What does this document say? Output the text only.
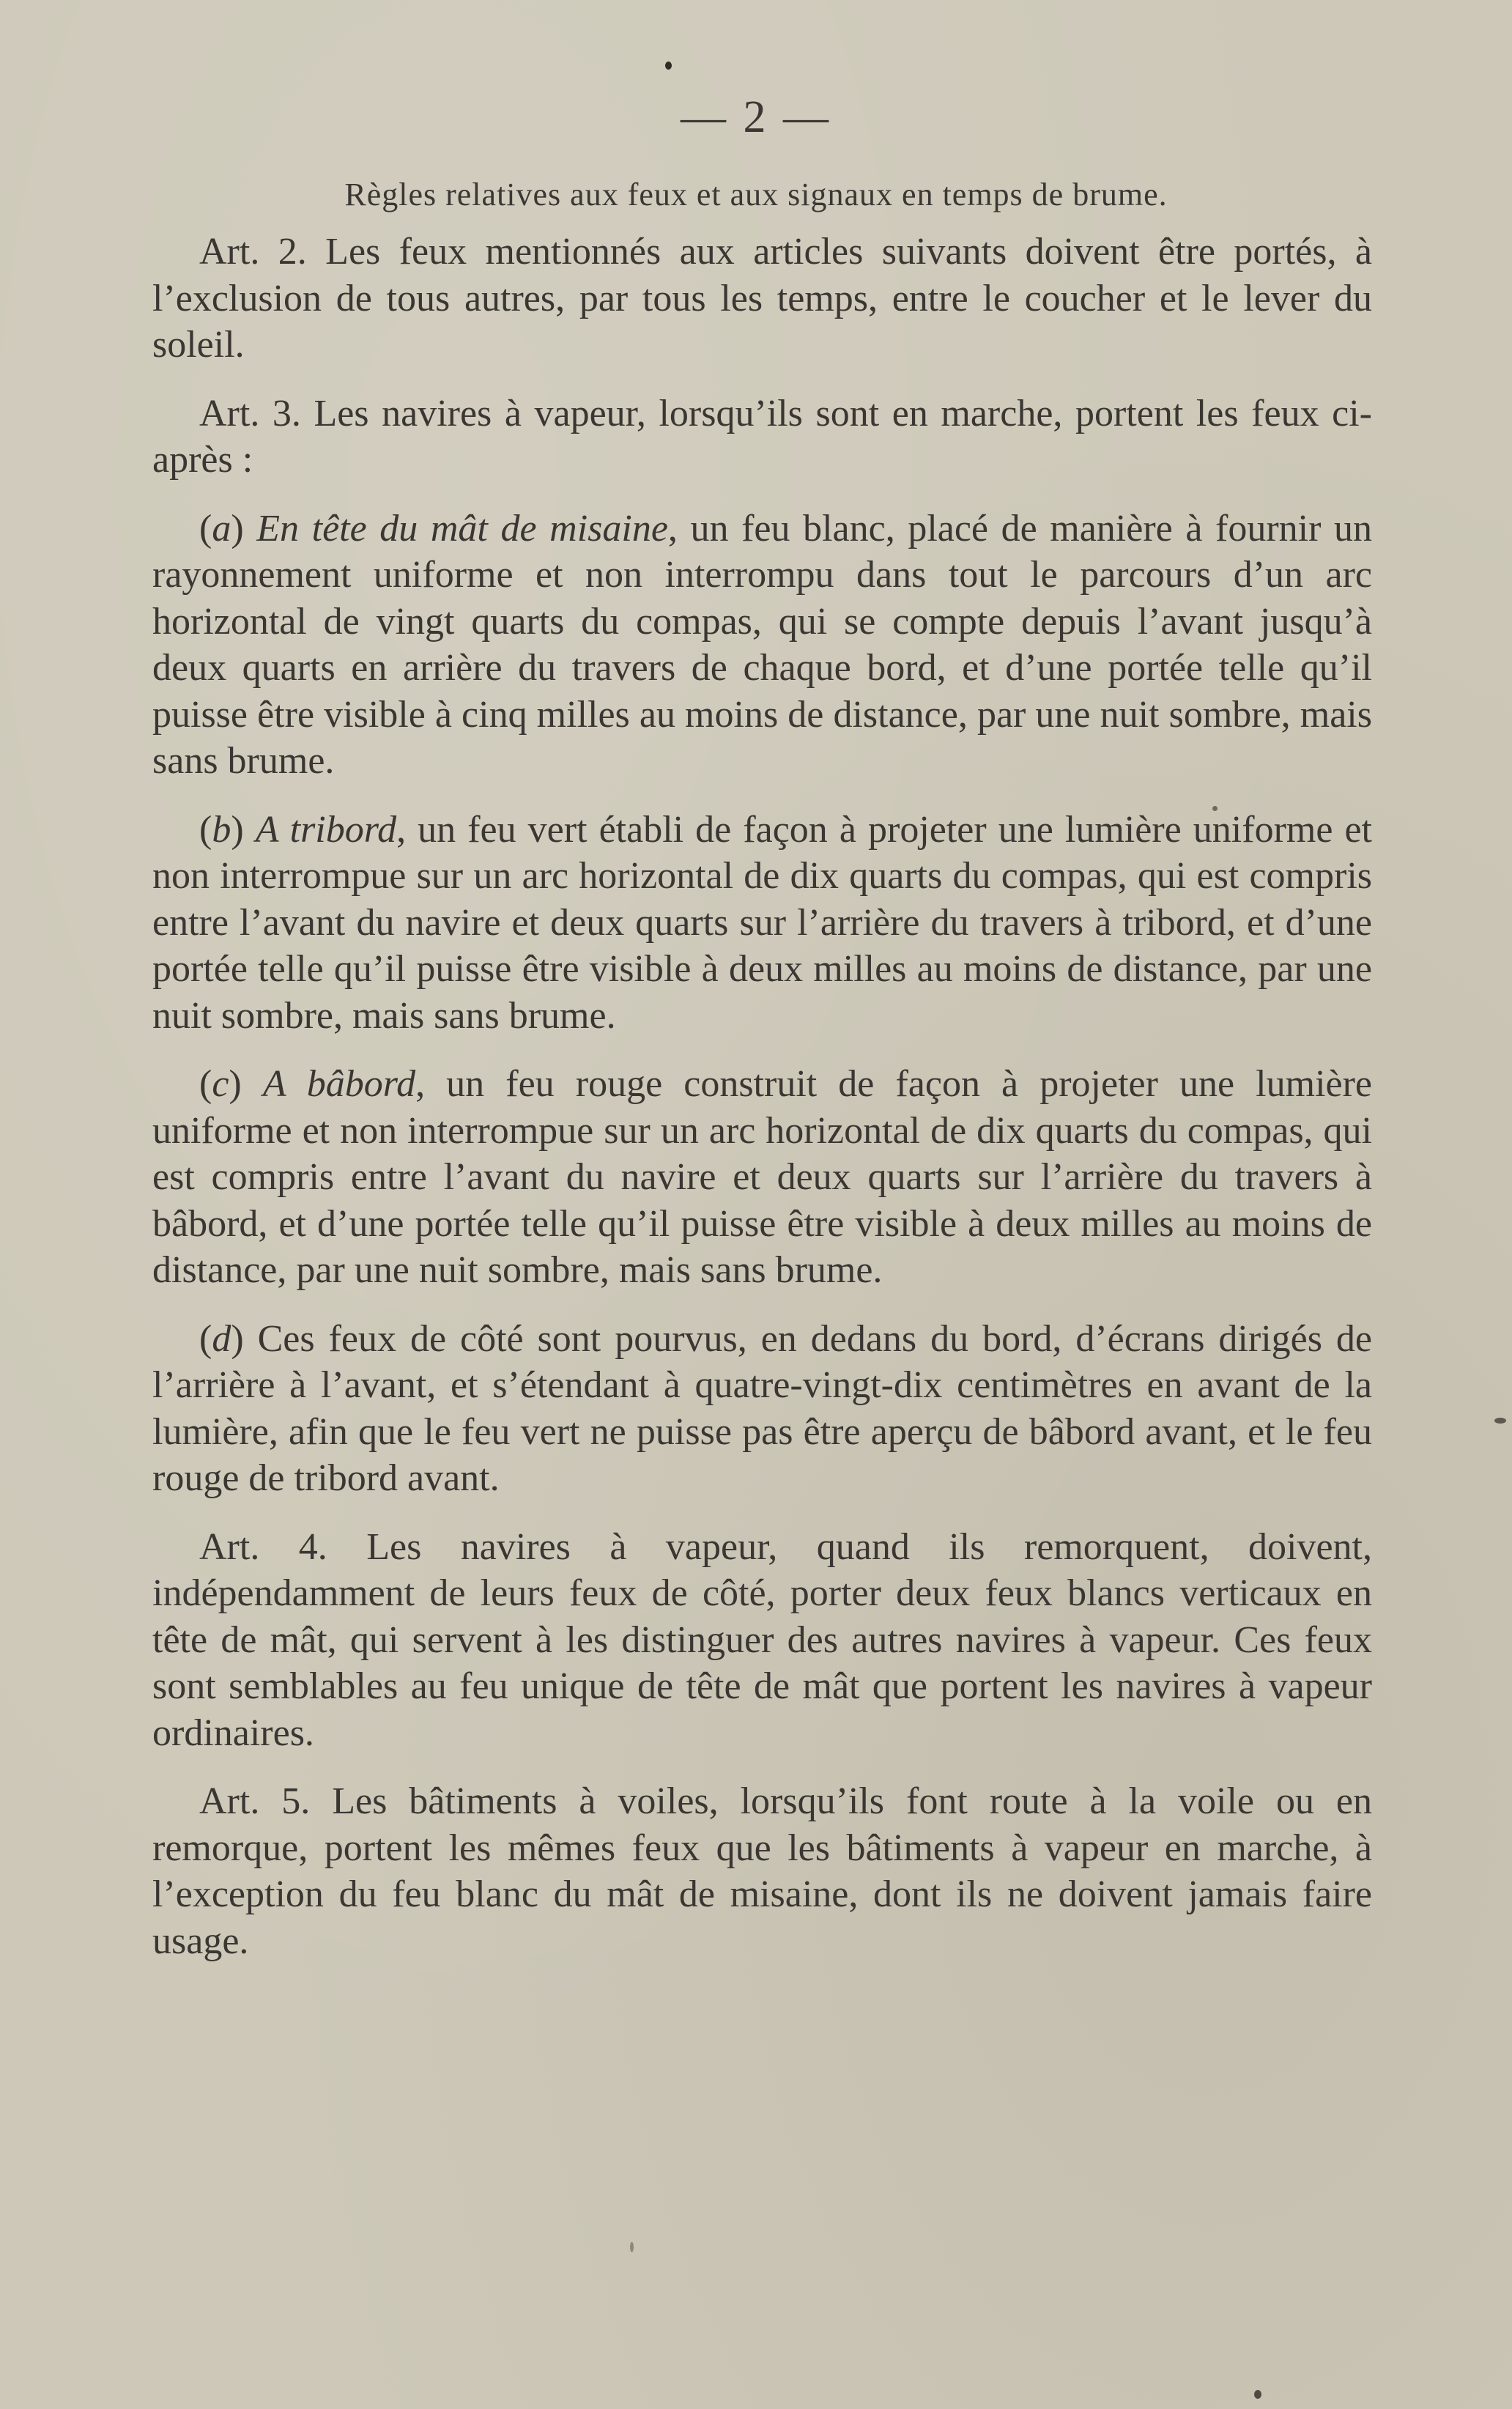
— 2 —
Règles relatives aux feux et aux signaux en temps de brume.

Art. 2. Les feux mentionnés aux articles suivants doivent être portés, à l’exclusion de tous autres, par tous les temps, entre le coucher et le lever du soleil.

Art. 3. Les navires à vapeur, lorsqu’ils sont en marche, portent les feux ci-après :

(a) En tête du mât de misaine, un feu blanc, placé de manière à fournir un rayonnement uniforme et non interrompu dans tout le parcours d’un arc horizontal de vingt quarts du compas, qui se compte depuis l’avant jusqu’à deux quarts en arrière du travers de chaque bord, et d’une portée telle qu’il puisse être visible à cinq milles au moins de distance, par une nuit sombre, mais sans brume.

(b) A tribord, un feu vert établi de façon à projeter une lumière uniforme et non interrompue sur un arc horizontal de dix quarts du compas, qui est compris entre l’avant du navire et deux quarts sur l’arrière du travers à tribord, et d’une portée telle qu’il puisse être visible à deux milles au moins de distance, par une nuit sombre, mais sans brume.

(c) A bâbord, un feu rouge construit de façon à projeter une lumière uniforme et non interrompue sur un arc horizontal de dix quarts du compas, qui est compris entre l’avant du navire et deux quarts sur l’arrière du travers à bâbord, et d’une portée telle qu’il puisse être visible à deux milles au moins de distance, par une nuit sombre, mais sans brume.

(d) Ces feux de côté sont pourvus, en dedans du bord, d’écrans dirigés de l’arrière à l’avant, et s’étendant à quatre-vingt-dix centimètres en avant de la lumière, afin que le feu vert ne puisse pas être aperçu de bâbord avant, et le feu rouge de tribord avant.

Art. 4. Les navires à vapeur, quand ils remorquent, doivent, indépendamment de leurs feux de côté, porter deux feux blancs verticaux en tête de mât, qui servent à les distinguer des autres navires à vapeur. Ces feux sont semblables au feu unique de tête de mât que portent les navires à vapeur ordinaires.

Art. 5. Les bâtiments à voiles, lorsqu’ils font route à la voile ou en remorque, portent les mêmes feux que les bâtiments à vapeur en marche, à l’exception du feu blanc du mât de misaine, dont ils ne doivent jamais faire usage.
